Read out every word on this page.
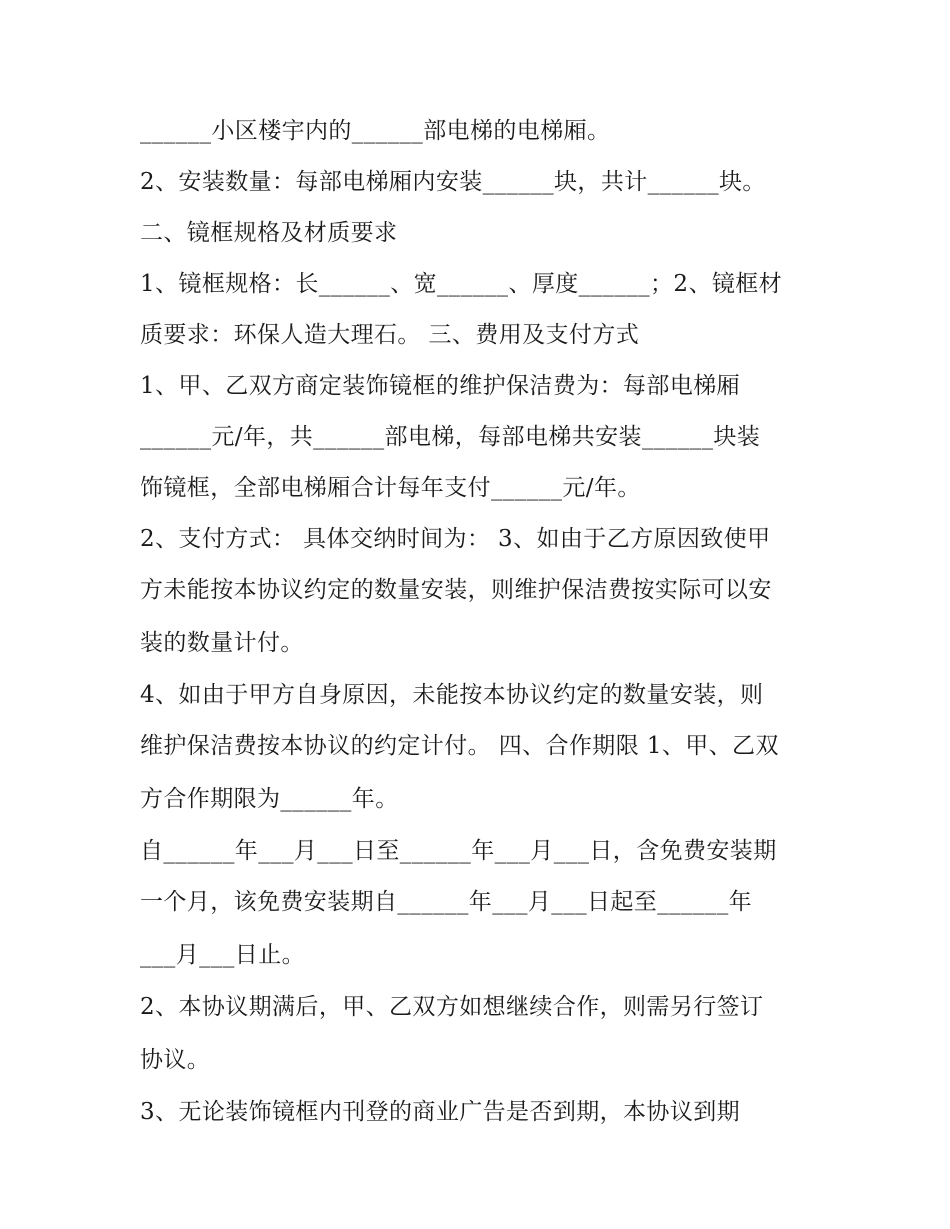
______小区楼宇内的______部电梯的电梯厢。
2、安装数量：每部电梯厢内安装______块，共计______块。
二、镜框规格及材质要求
1、镜框规格：长______、宽______、厚度______；2、镜框材
质要求：环保人造大理石。 三、费用及支付方式
1、甲、乙双方商定装饰镜框的维护保洁费为：每部电梯厢
______元/年，共______部电梯，每部电梯共安装______块装
饰镜框，全部电梯厢合计每年支付______元/年。
2、支付方式： 具体交纳时间为： 3、如由于乙方原因致使甲
方未能按本协议约定的数量安装，则维护保洁费按实际可以安
装的数量计付。
4、如由于甲方自身原因，未能按本协议约定的数量安装，则
维护保洁费按本协议的约定计付。 四、合作期限 1、甲、乙双
方合作期限为______年。
自______年___月___日至______年___月___日，含免费安装期
一个月，该免费安装期自______年___月___日起至______年
___月___日止。
2、本协议期满后，甲、乙双方如想继续合作，则需另行签订
协议。
3、无论装饰镜框内刊登的商业广告是否到期，本协议到期
